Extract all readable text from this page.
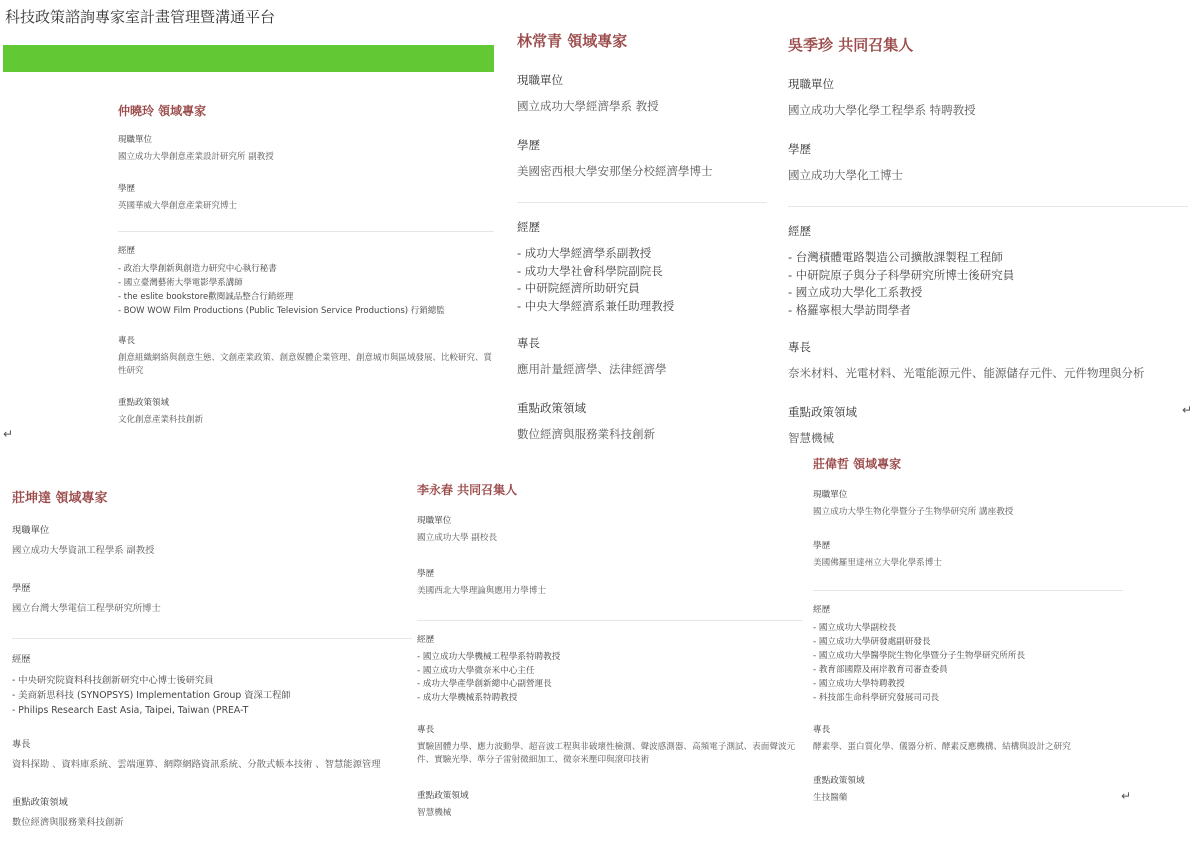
科技政策諮詢專家室計畫管理暨溝通平台
仲曉玲 領域專家
現職單位
國立成功大學創意產業設計研究所 副教授
學歷
英國華威大學創意產業研究博士
經歷
- 政治大學創新與創造力研究中心執行秘書
- 國立臺灣藝術大學電影學系講師
- the eslite bookstore歡閱誠品整合行銷經理
- BOW WOW Film Productions (Public Television Service Productions) 行銷總監
專長
創意組織網絡與創意生態、文創產業政策、創意媒體企業管理、創意城市與區域發展、比較研究、質性研究
重點政策領域
文化創意產業科技創新
林常青 領域專家
現職單位
國立成功大學經濟學系 教授
學歷
美國密西根大學安那堡分校經濟學博士
經歷
- 成功大學經濟學系副教授
- 成功大學社會科學院副院長
- 中研院經濟所助研究員
- 中央大學經濟系兼任助理教授
專長
應用計量經濟學、法律經濟學
重點政策領域
數位經濟與服務業科技創新
吳季珍 共同召集人
現職單位
國立成功大學化學工程學系 特聘教授
學歷
國立成功大學化工博士
經歷
- 台灣積體電路製造公司擴散課製程工程師
- 中研院原子與分子科學研究所博士後研究員
- 國立成功大學化工系教授
- 格羅寧根大學訪問學者
專長
奈米材料、光電材料、光電能源元件、能源儲存元件、元件物理與分析
重點政策領域
智慧機械
莊坤達 領域專家
現職單位
國立成功大學資訊工程學系 副教授
學歷
國立台灣大學電信工程學研究所博士
經歷
- 中央研究院資料科技創新研究中心博士後研究員
- 美商新思科技 (SYNOPSYS) Implementation Group 資深工程師
- Philips Research East Asia, Taipei, Taiwan (PREA-T
專長
資料探勘 、資料庫系統、雲端運算、網際網路資訊系統、分散式帳本技術 、智慧能源管理
重點政策領域
數位經濟與服務業科技創新
李永春 共同召集人
現職單位
國立成功大學 副校長
學歷
美國西北大學理論與應用力學博士
經歷
- 國立成功大學機械工程學系特聘教授
- 國立成功大學微奈米中心主任
- 成功大學產學創新總中心副營運長
- 成功大學機械系特聘教授
專長
實驗固體力學、應力波動學、超音波工程與非破壞性檢測、聲波感測器、高頻電子測試、表面聲波元件、實驗光學、準分子雷射微細加工、微奈米壓印與滾印技術
重點政策領域
智慧機械
莊偉哲 領域專家
現職單位
國立成功大學生物化學暨分子生物學研究所 講座教授
學歷
美國佛羅里達州立大學化學系博士
經歷
- 國立成功大學副校長
- 國立成功大學研發處副研發長
- 國立成功大學醫學院生物化學暨分子生物學研究所所長
- 教育部國際及兩岸教育司審查委員
- 國立成功大學特聘教授
- 科技部生命科學研究發展司司長
專長
酵素學、蛋白質化學、儀器分析、酵素反應機構、結構與設計之研究
重點政策領域
生技醫藥
↵
↵
↵
